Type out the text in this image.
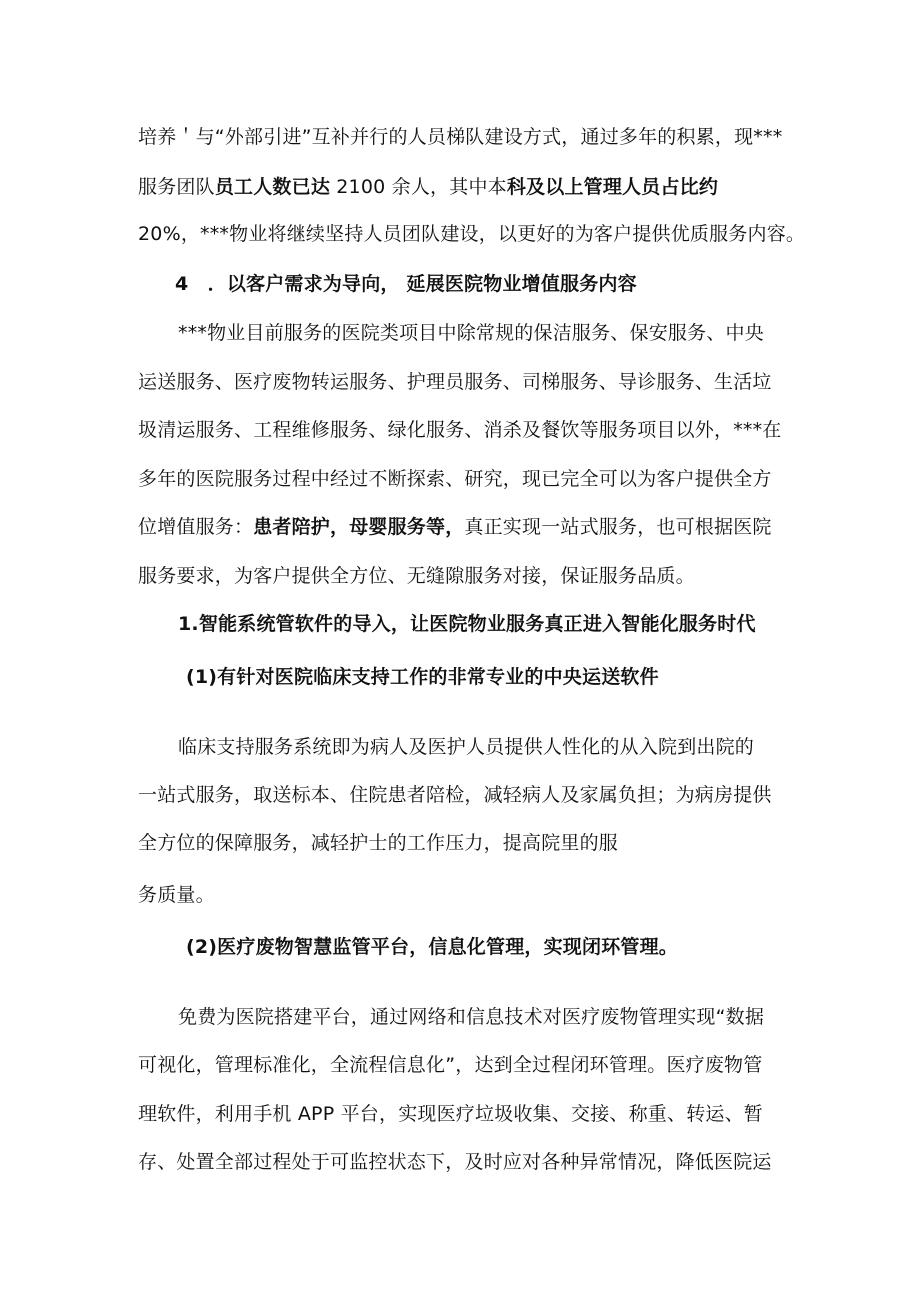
培养＇与“外部引进”互补并行的人员梯队建设方式，通过多年的积累，现***
服务团队员工人数已达 2100 余人，其中本科及以上管理人员占比约
20%，***物业将继续坚持人员团队建设，以更好的为客户提供优质服务内容。
4　．以客户需求为导向， 延展医院物业增值服务内容
***物业目前服务的医院类项目中除常规的保洁服务、保安服务、中央
运送服务、医疗废物转运服务、护理员服务、司梯服务、导诊服务、生活垃
圾清运服务、工程维修服务、绿化服务、消杀及餐饮等服务项目以外，***在
多年的医院服务过程中经过不断探索、研究，现已完全可以为客户提供全方
位增值服务：患者陪护，母婴服务等，真正实现一站式服务，也可根据医院
服务要求，为客户提供全方位、无缝隙服务对接，保证服务品质。
1.智能系统管软件的导入，让医院物业服务真正进入智能化服务时代
(1)有针对医院临床支持工作的非常专业的中央运送软件
临床支持服务系统即为病人及医护人员提供人性化的从入院到出院的
一站式服务，取送标本、住院患者陪检，减轻病人及家属负担；为病房提供
全方位的保障服务，减轻护士的工作压力，提高院里的服
务质量。
(2)医疗废物智慧监管平台，信息化管理，实现闭环管理。
免费为医院搭建平台，通过网络和信息技术对医疗废物管理实现“数据
可视化，管理标准化，全流程信息化”，达到全过程闭环管理。医疗废物管
理软件，利用手机 APP 平台，实现医疗垃圾收集、交接、称重、转运、暂
存、处置全部过程处于可监控状态下，及时应对各种异常情况，降低医院运
